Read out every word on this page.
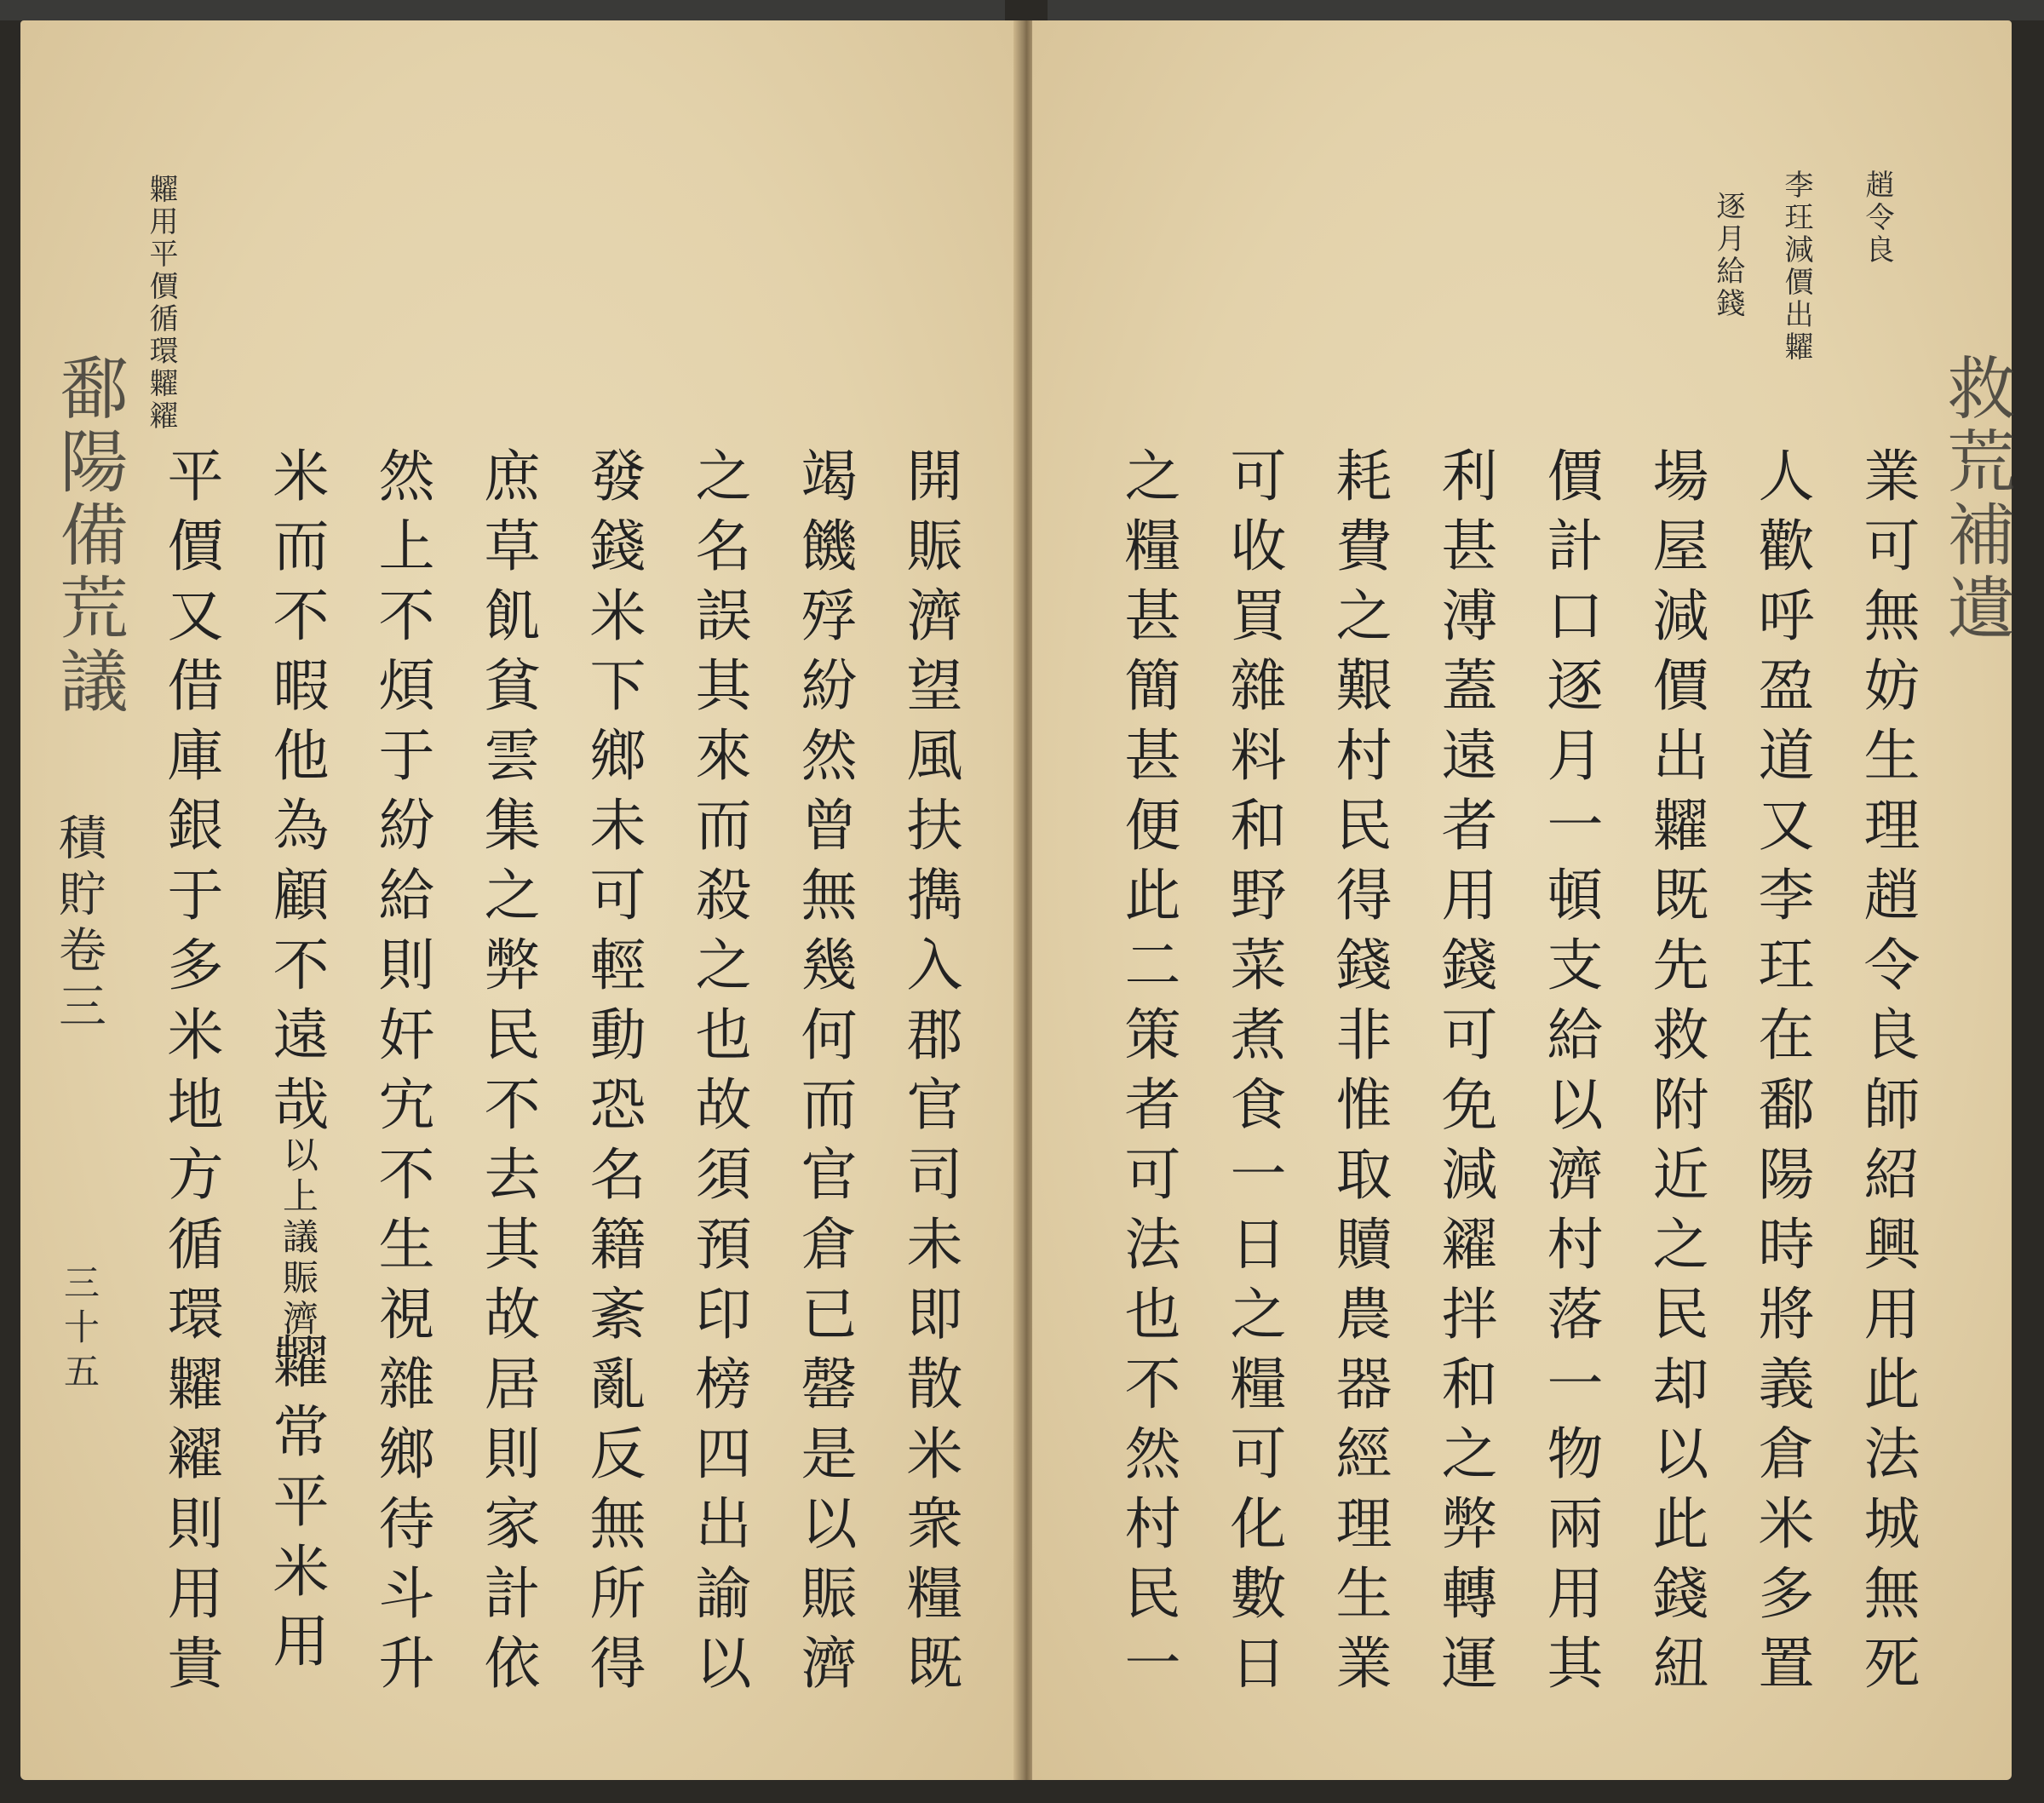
鄱陽備荒議
糶用平價循環糶糴
積貯卷三
三十五	開賑濟望風扶擕入郡官司未即散米衆糧既
竭饑殍紛然曾無幾何而官倉已罄是以賑濟
之名誤其來而殺之也故須預印榜四出諭以
發錢米下鄉未可輕動恐名籍紊亂反無所得
庶草飢貧雲集之弊民不去其故居則家計依
然上不煩于紛給則奸宄不生視雜鄉待斗升
米而不暇他為顧不遠哉
以上議賑濟
糶常平米用
平價又借庫銀于多米地方循環糶糴則用貴	救荒補遺
趙令良
李玨減價出糶
逐月給錢
業可無妨生理趙令良師紹興用此法城無死
人歡呼盈道又李玨在鄱陽時將義倉米多置
場屋減價出糶既先救附近之民却以此錢紐
價計口逐月一頓支給以濟村落一物兩用其
利甚溥蓋遠者用錢可免減糴拌和之弊轉運
耗費之艱村民得錢非惟取贖農器經理生業
可收買雜料和野菜煮食一日之糧可化數日
之糧甚簡甚便此二策者可法也不然村民一
